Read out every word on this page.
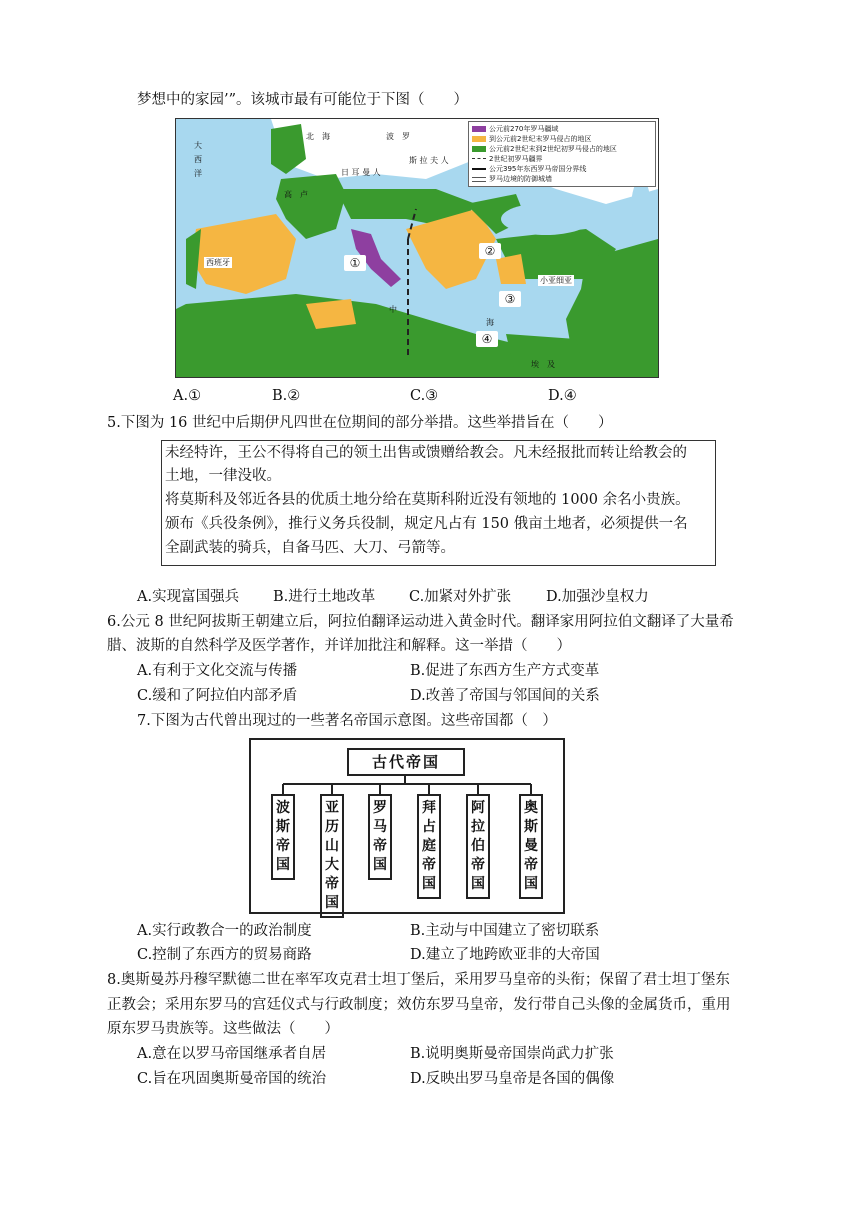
梦想中的家园’”。该城市最有可能位于下图（　　）
公元前270年罗马疆域
到公元前2世纪末罗马侵占的地区
公元前2世纪末到2世纪初罗马侵占的地区
2世纪初罗马疆界
公元395年东西罗马帝国分界线
罗马边境的防御城墙
北　海	波　罗
斯 拉 夫 人
日 耳 曼 人
大　西　洋
高　卢
西班牙
小亚细亚
中
海
埃　及
①
②
③
④
A.①	B.②	C.③	D.④
5.下图为 16 世纪中后期伊凡四世在位期间的部分举措。这些举措旨在（　　）
未经特许，王公不得将自己的领土出售或馈赠给教会。凡未经报批而转让给教会的
土地，一律没收。
将莫斯科及邻近各县的优质土地分给在莫斯科附近没有领地的 1000 余名小贵族。
颁布《兵役条例》，推行义务兵役制，规定凡占有 150 俄亩土地者，必须提供一名
全副武装的骑兵，自备马匹、大刀、弓箭等。
A.实现富国强兵 B.进行土地改革 C.加紧对外扩张 D.加强沙皇权力
6.公元 8 世纪阿拔斯王朝建立后，阿拉伯翻译运动进入黄金时代。翻译家用阿拉伯文翻译了大量希
腊、波斯的自然科学及医学著作，并详加批注和解释。这一举措（　　）
A.有利于文化交流与传播	B.促进了东西方生产方式变革
C.缓和了阿拉伯内部矛盾	D.改善了帝国与邻国间的关系
7.下图为古代曾出现过的一些著名帝国示意图。这些帝国都（　）
古代帝国
波
斯
帝
国
亚
历
山
大
帝
国
罗
马
帝
国
拜
占
庭
帝
国
阿
拉
伯
帝
国
奥
斯
曼
帝
国
A.实行政教合一的政治制度	B.主动与中国建立了密切联系
C.控制了东西方的贸易商路	D.建立了地跨欧亚非的大帝国
8.奥斯曼苏丹穆罕默德二世在率军攻克君士坦丁堡后，采用罗马皇帝的头衔；保留了君士坦丁堡东
正教会；采用东罗马的宫廷仪式与行政制度；效仿东罗马皇帝，发行带自己头像的金属货币，重用
原东罗马贵族等。这些做法（　　）
A.意在以罗马帝国继承者自居	B.说明奥斯曼帝国崇尚武力扩张
C.旨在巩固奥斯曼帝国的统治	D.反映出罗马皇帝是各国的偶像
